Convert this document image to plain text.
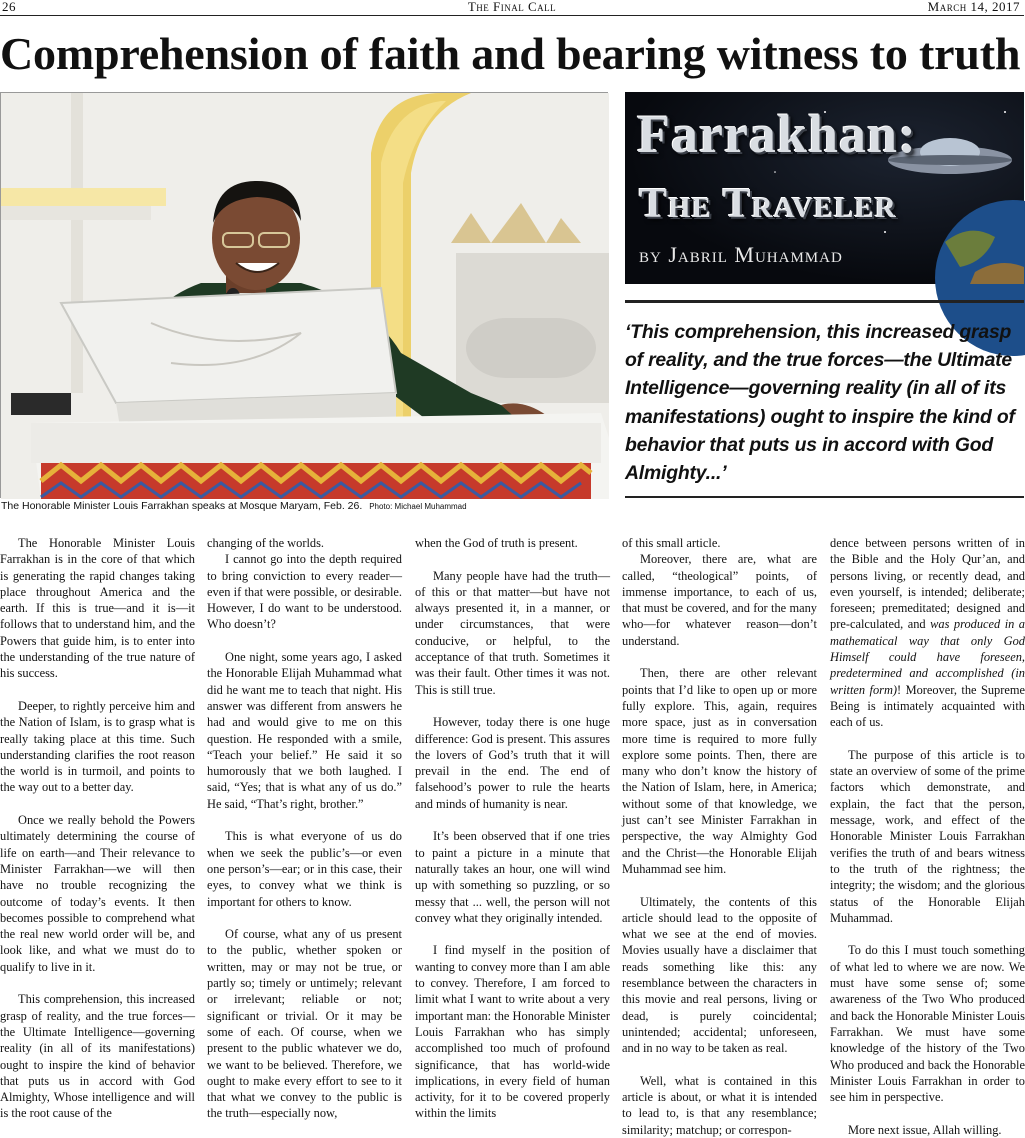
26	The Final Call	March 14, 2017
Comprehension of faith and bearing witness to truth
The Honorable Minister Louis Farrakhan speaks at Mosque Maryam, Feb. 26. Photo: Michael Muhammad
Farrakhan:
The Traveler
by Jabril Muhammad

‘This comprehension, this increased grasp of reality, and the true forces—the Ultimate Intelligence—governing reality (in all of its manifestations) ought to inspire the kind of behavior that puts us in accord with God Almighty...’

The Honorable Minister Louis Farrakhan is in the core of that which is generating the rapid changes taking place throughout America and the earth. If this is true—and it is—it follows that to understand him, and the Powers that guide him, is to enter into the understanding of the true nature of his success.

Deeper, to rightly perceive him and the Nation of Islam, is to grasp what is really taking place at this time. Such understanding clarifies the root reason the world is in turmoil, and points to the way out to a better day.

Once we really behold the Powers ultimately determining the course of life on earth—and Their relevance to Minister Farrakhan—we will then have no trouble recognizing the outcome of today’s events. It then becomes possible to comprehend what the real new world order will be, and look like, and what we must do to qualify to live in it.

This comprehension, this increased grasp of reality, and the true forces—the Ultimate Intelligence—governing reality (in all of its manifestations) ought to inspire the kind of behavior that puts us in accord with God Almighty, Whose intelligence and will is the root cause of the

changing of the worlds.

I cannot go into the depth required to bring conviction to every reader—even if that were possible, or desirable. However, I do want to be understood. Who doesn’t?

One night, some years ago, I asked the Honorable Elijah Muhammad what did he want me to teach that night. His answer was different from answers he had and would give to me on this question. He responded with a smile, “Teach your belief.” He said it so humorously that we both laughed. I said, “Yes; that is what any of us do.” He said, “That’s right, brother.”

This is what everyone of us do when we seek the public’s—or even one person’s—ear; or in this case, their eyes, to convey what we think is important for others to know.

Of course, what any of us present to the public, whether spoken or written, may or may not be true, or partly so; timely or untimely; relevant or irrelevant; reliable or not; significant or trivial. Or it may be some of each. Of course, when we present to the public whatever we do, we want to be believed. Therefore, we ought to make every effort to see to it that what we convey to the public is the truth—especially now,

when the God of truth is present.

Many people have had the truth—of this or that matter—but have not always presented it, in a manner, or under circumstances, that were conducive, or helpful, to the acceptance of that truth. Sometimes it was their fault. Other times it was not. This is still true.

However, today there is one huge difference: God is present. This assures the lovers of God’s truth that it will prevail in the end. The end of falsehood’s power to rule the hearts and minds of humanity is near.

It’s been observed that if one tries to paint a picture in a minute that naturally takes an hour, one will wind up with something so puzzling, or so messy that ... well, the person will not convey what they originally intended.

I find myself in the position of wanting to convey more than I am able to convey. Therefore, I am forced to limit what I want to write about a very important man: the Honorable Minister Louis Farrakhan who has simply accomplished too much of profound significance, that has world-wide implications, in every field of human activity, for it to be covered properly within the limits

of this small article.

Moreover, there are, what are called, “theological” points, of immense importance, to each of us, that must be covered, and for the many who—for whatever reason—don’t understand.

Then, there are other relevant points that I’d like to open up or more fully explore. This, again, requires more space, just as in conversation more time is required to more fully explore some points. Then, there are many who don’t know the history of the Nation of Islam, here, in America; without some of that knowledge, we just can’t see Minister Farrakhan in perspective, the way Almighty God and the Christ—the Honorable Elijah Muhammad see him.

Ultimately, the contents of this article should lead to the opposite of what we see at the end of movies. Movies usually have a disclaimer that reads something like this: any resemblance between the characters in this movie and real persons, living or dead, is purely coincidental; unintended; accidental; unforeseen, and in no way to be taken as real.

Well, what is contained in this article is about, or what it is intended to lead to, is that any resemblance; similarity; matchup; or correspon-

dence between persons written of in the Bible and the Holy Qur’an, and persons living, or recently dead, and even yourself, is intended; deliberate; foreseen; premeditated; designed and pre-calculated, and was produced in a mathematical way that only God Himself could have foreseen, predetermined and accomplished (in written form)! Moreover, the Supreme Being is intimately acquainted with each of us.

The purpose of this article is to state an overview of some of the prime factors which demonstrate, and explain, the fact that the person, message, work, and effect of the Honorable Minister Louis Farrakhan verifies the truth of and bears witness to the truth of the rightness; the integrity; the wisdom; and the glorious status of the Honorable Elijah Muhammad.

To do this I must touch something of what led to where we are now. We must have some sense of; some awareness of the Two Who produced and back the Honorable Minister Louis Farrakhan. We must have some knowledge of the history of the Two Who produced and back the Honorable Minister Louis Farrakhan in order to see him in perspective.

More next issue, Allah willing.
